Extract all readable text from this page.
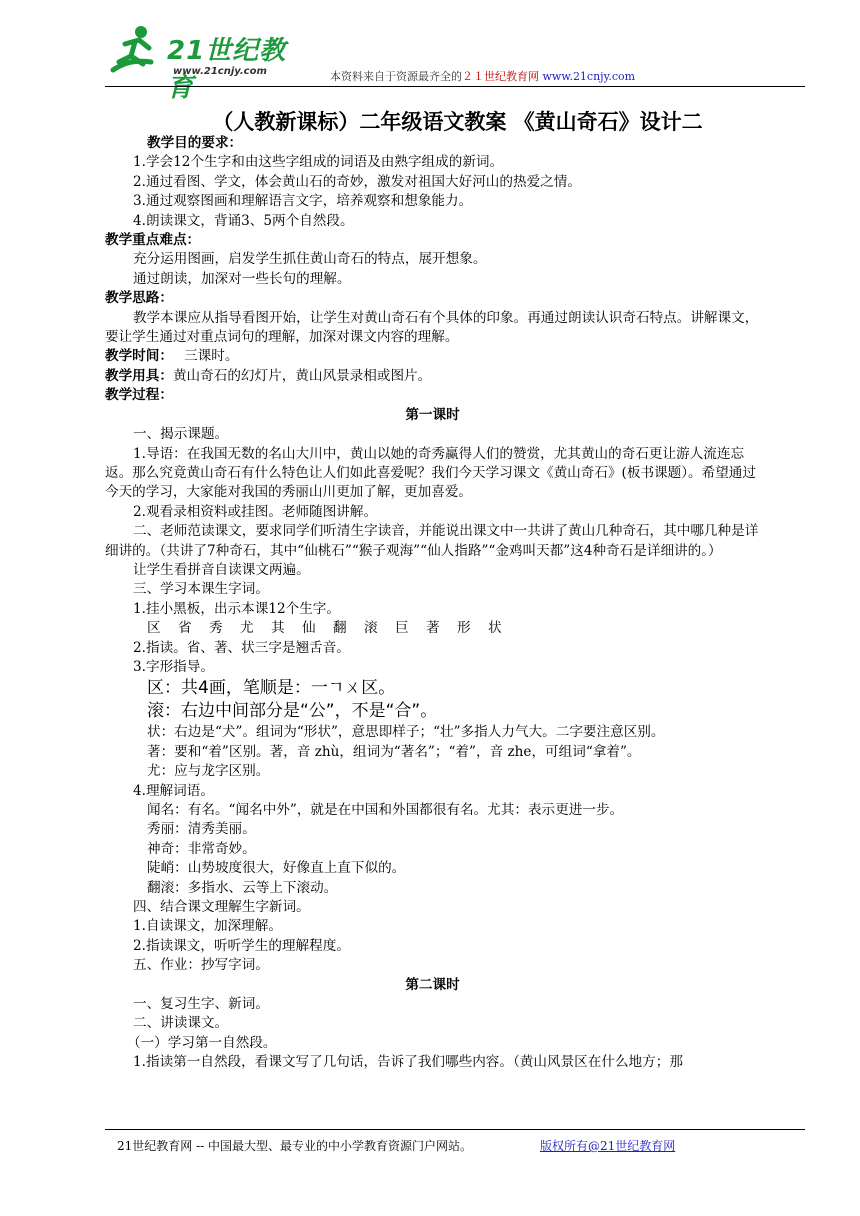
21世纪教育
www.21cnjy.com	本资料来自于资源最齐全的２１世纪教育网 www.21cnjy.com
（人教新课标）二年级语文教案 《黄山奇石》设计二

教学目的要求：

1.学会12个生字和由这些字组成的词语及由熟字组成的新词。

2.通过看图、学文，体会黄山石的奇妙，激发对祖国大好河山的热爱之情。

3.通过观察图画和理解语言文字，培养观察和想象能力。

4.朗读课文，背诵3、5两个自然段。

教学重点难点：

充分运用图画，启发学生抓住黄山奇石的特点，展开想象。

通过朗读，加深对一些长句的理解。

教学思路：

教学本课应从指导看图开始，让学生对黄山奇石有个具体的印象。再通过朗读认识奇石特点。讲解课文，要让学生通过对重点词句的理解，加深对课文内容的理解。

教学时间：　 三课时。

教学用具：黄山奇石的幻灯片，黄山风景录相或图片。

教学过程：

第一课时

一、揭示课题。

1.导语：在我国无数的名山大川中，黄山以她的奇秀赢得人们的赞赏，尤其黄山的奇石更让游人流连忘返。那么究竟黄山奇石有什么特色让人们如此喜爱呢？我们今天学习课文《黄山奇石》(板书课题）。希望通过今天的学习，大家能对我国的秀丽山川更加了解，更加喜爱。

2.观看录相资料或挂图。老师随图讲解。

二、老师范读课文，要求同学们听清生字读音，并能说出课文中一共讲了黄山几种奇石，其中哪几种是详细讲的。（共讲了7种奇石，其中“仙桃石”“猴子观海”“仙人指路”“金鸡叫天都”这4种奇石是详细讲的。）

让学生看拼音自读课文两遍。

三、学习本课生字词。

1.挂小黑板，出示本课12个生字。

区 省 秀 尤 其 仙 翻 滚 巨 著 形 状

2.指读。省、著、状三字是翘舌音。

3.字形指导。

区：共4画，笔顺是：一ㄱㄨ区。

滚：右边中间部分是“公”，不是“合”。

状：右边是“犬”。组词为“形状”，意思即样子；“壮”多指人力气大。二字要注意区别。

著：要和“着”区别。著，音 zhù，组词为“著名”；“着”，音 zhe，可组词“拿着”。

尤：应与龙字区别。

4.理解词语。

闻名：有名。“闻名中外”，就是在中国和外国都很有名。尤其：表示更进一步。

秀丽：清秀美丽。

神奇：非常奇妙。

陡峭：山势坡度很大，好像直上直下似的。

翻滚：多指水、云等上下滚动。

四、结合课文理解生字新词。

1.自读课文，加深理解。

2.指读课文，听听学生的理解程度。

五、作业：抄写字词。

第二课时

一、复习生字、新词。

二、讲读课文。

（一）学习第一自然段。

1.指读第一自然段，看课文写了几句话，告诉了我们哪些内容。（黄山风景区在什么地方；那

21世纪教育网 -- 中国最大型、最专业的中小学教育资源门户网站。	版权所有@21世纪教育网
